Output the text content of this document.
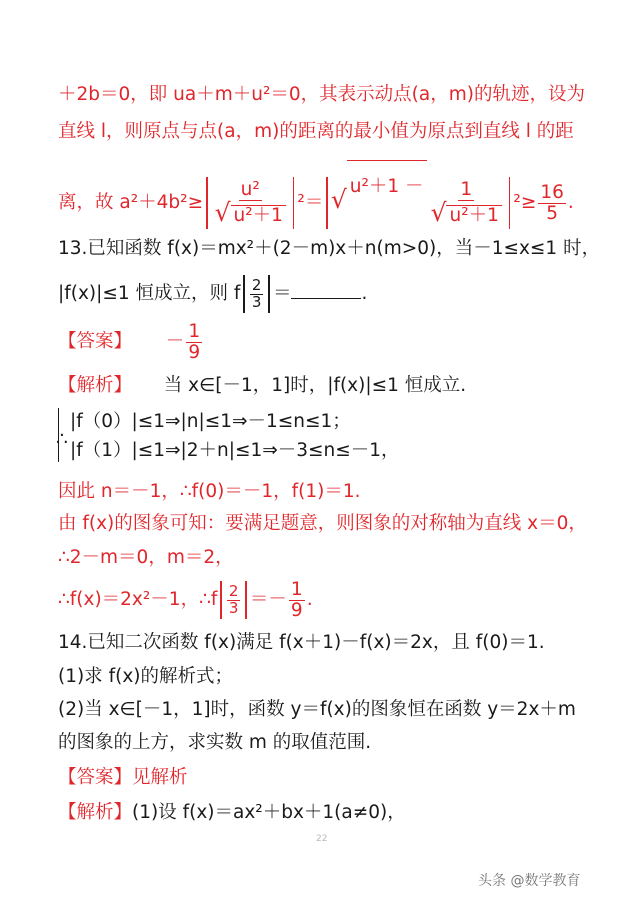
＋2b＝0，即 ua＋m＋u²＝0，其表示动点(a，m)的轨迹，设为
直线 l，则原点与点(a，m)的距离的最小值为原点到直线 l 的距
离，故 $a^2+4b^2\ge \frac{\text{u²}}{\text{√ u²＋1}} ^2=$ √ $u^2+1 - \frac{1}{\text{√ u²＋1}} ^2\ge \frac{16}{5}$ .
13.已知函数 f(x)＝mx²＋(2－m)x＋n(m>0)，当－1≤x≤1 时，
|f(x)|≤1 恒成立，则 f $\frac{2}{3}$ ＝	.
【答案】 － $\frac{1}{9}$
【解析】 当 x∈[－1，1]时，|f(x)|≤1 恒成立.
∴
|f（0）|≤1⇒|n|≤1⇒－1≤n≤1；
|f（1）|≤1⇒|2＋n|≤1⇒－3≤n≤－1，
因此 n＝－1，∴f(0)＝－1，f(1)＝1.
由 f(x)的图象可知：要满足题意，则图象的对称轴为直线 x＝0，
∴2－m＝0，m＝2，
∴f(x)＝2x²－1，∴f $\frac{2}{3} =- \frac{1}{9}$ .
14.已知二次函数 f(x)满足 f(x＋1)－f(x)＝2x，且 f(0)＝1.
(1)求 f(x)的解析式；
(2)当 x∈[－1，1]时，函数 y＝f(x)的图象恒在函数 y＝2x＋m
的图象的上方，求实数 m 的取值范围.
【答案】见解析
【解析】(1)设 f(x)＝ax²＋bx＋1(a≠0)，
22
头条 @数学教育
